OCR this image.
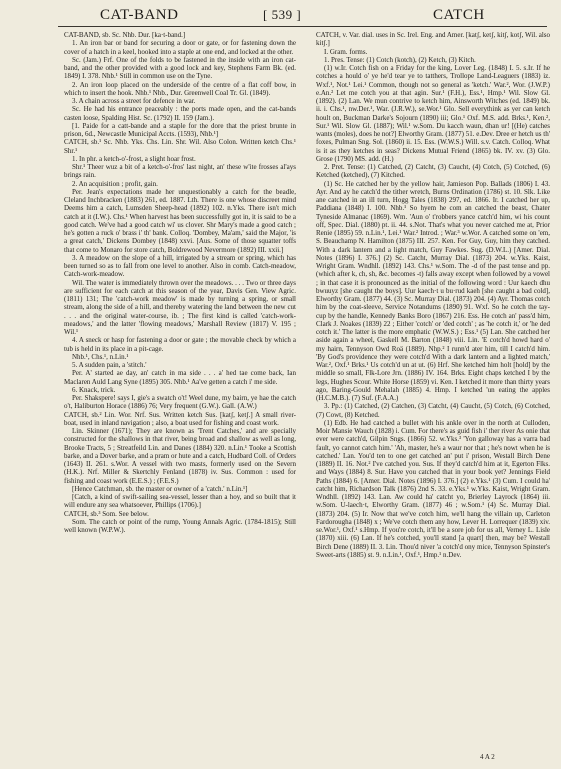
CAT-BAND	[ 539 ]	CATCH

CAT-BAND, sb. Sc. Nhb. Dur. [ka·t-band.]

1. An iron bar or band for securing a door or gate, or for fastening down the cover of a hatch in a keel, hooked into a staple at one end, and locked at the other.

Sc. (Jam.) Frf. One of the folds to be fastened in the inside with an iron cat-band, and the other provided with a good lock and key, Stephens Farm Bk. (ed. 1849) I. 378. Nhb.¹ Still in common use on the Tyne.

2. An iron loop placed on the underside of the centre of a flat coff bow, in which to insert the hook. Nhb.¹ Nhb., Dur. Greenwell Coal Tr. Gl. (1849).

3. A chain across a street for defence in war.

Sc. He had his entrance peaceably : the ports made open, and the cat-bands casten loose, Spalding Hist. Sc. (1792) II. 159 (Jam.).

[1. Paide for a catt-bande and a staple for the dore that the priest brunte in prison, 6d., Newcastle Municipal Accts. (1593), Nhb.¹]

CATCH, sb.¹ Sc. Nhb. Yks. Chs. Lin. Shr. Wil. Also Colon. Written ketch Chs.¹ Shr.¹

1. In phr. a ketch-o'-frost, a slight hoar frost.

Shr.¹ Theer wuz a bit of a ketch-o'-fros' last night, an' these w'ite frosses al'ays brings rain.

2. An acquisition ; profit, gain.

Per. Jean's expectations made her unquestionably a catch for the beadle, Cleland Inchbracken (1883) 261, ed. 1887. Lth. There is one whose discreet mind Deems him a catch, Lumsden Sheep-head (1892) 102. n.Yks. There isn't mich catch at it (I.W.). Chs.¹ When harvest has been successfully got in, it is said to be a good catch. We've had a good catch wi' us clover. Shr Mary's made a good catch ; he's gotten a ruck o' brass i' th' bank. Colloq. 'Dombey, Ma'am,' said the Major, 'is a great catch,' Dickens Dombey (1848) xxvi. [Aus. Some of those squatter toffs that come to Monaro for store catch, Boldrewood Nevermore (1892) III. xxii.]

3. A meadow on the slope of a hill, irrigated by a stream or spring, which has been turned so as to fall from one level to another. Also in comb. Catch-meadow, Catch-work-meadow.

Wil. The water is immediately thrown over the meadows. . . . Two or three days are sufficient for each catch at this season of the year, Davis Gen. View Agric. (1811) 131; The 'catch-work meadow' is made by turning a spring, or small stream, along the side of a hill, and thereby watering the land between the new cut . . . and the original water-course, ib. ; The first kind is called 'catch-work-meadows,' and the latter 'flowing meadows,' Marshall Review (1817) V. 195 ; Wil.¹

4. A sneck or hasp for fastening a door or gate ; the movable check by which a tub is held in its place in a pit-cage.

Nhb.¹, Chs.¹, n.Lin.¹

5. A sudden pain, a 'stitch.'

Per. A' started ae day, an' catch in ma side . . . a' hed tae come back, Ian Maclaren Auld Lang Syne (1895) 305. Nhb.¹ Aa've getten a catch i' me side.

6. Knack, trick.

Per. Shakspere! says I, gie's a swatch o't! Weel dune, my bairn, ye hae the catch o't, Haliburton Horace (1886) 76; Very frequent (G.W.). Gall. (A.W.)

CATCH, sb.² Lin. Wor. Nrf. Sus. Written ketch Sus. [katʃ, ketʃ.] A small river-boat, used in inland navigation ; also, a boat used for fishing and coast work.

Lin. Skinner (1671); They are known as 'Trent Catches,' and are specially constructed for the shallows in that river, being broad and shallow as well as long, Brooke Tracts, 5 ; Streatfeild Lin. and Danes (1884) 320. n.Lin.¹ Tooke a Scottish barke, and a Dover barke, and a pram or hute and a catch, Hudbard Coll. of Orders (1643) II. 261. s.Wor. A vessel with two masts, formerly used on the Severn (H.K.). Nrf. Miller & Skertchly Fenland (1878) iv. Sus. Common : used for fishing and coast work (E.E.S.) ; (F.E.S.)

[Hence Catchman, sb. the master or owner of a 'catch.' n.Lin.¹]

[Catch, a kind of swift-sailing sea-vessel, lesser than a hoy, and so built that it will endure any sea whatsoever, Phillips (1706).]

CATCH, sb.³ Som. See below.

Som. The catch or point of the rump, Young Annals Agric. (1784-1815); Still well known (W.P.W.).

CATCH, v. Var. dial. uses in Sc. Irel. Eng. and Amer. [katʃ, ketʃ, kitʃ, kotʃ, Wil. also kitʃ.]

I. Gram. forms.

1. Pres. Tense: (1) Cotch (kotch), (2) Ketch, (3) Kitch.

(1) w.Ir. Cotch fish on a Friday for the king, Lover Leg. (1848) I. 5. s.Ir. If he cotches a hould o' ye he'd tear ye to tatthers, Trollope Land-Leaguers (1883) iz. Wxf.¹, Not.¹ Lei.¹ Common, though not so general as 'ketch.' War.², Wor. (J.W.P.) e.An.² Let me cotch you at that agin. Sur.¹ (F.H.), Ess.¹, Hmp.¹ Wil. Slow Gl. (1892). (2) Lan. We mun contrive to ketch him, Ainsworth Witches (ed. 1849) bk. ii. i. Chs.¹, nw.Der.¹, War. (J.R.W.), se.Wor.¹ Glo. Sell everythink as yer can ketch hoult on, Buckman Darke's Sojourn (1890) iii; Glo.¹ Oxf. M.S. add. Brks.¹, Ken.², Sur.¹ Wil. Slow Gl. (1887); Wil.¹ w.Som. Du kacch waun, dhan ur! [(He) catches wants (moles), does he not?] Elworthy Gram. (1877) 51. e.Dev. Dree er hetch us th' foxes, Pulman Sng. Sol. (1860) ii. 15. Ess. (W.W.S.) Will. s.v. Catch. Colloq. What is it as they ketches in seas? Dickens Mutual Friend (1865) bk. IV. xv. (3) Glo. Grose (1790) MS. add. (H.)

2. Pret. Tense: (1) Catched, (2) Catcht, (3) Caucht, (4) Cotch, (5) Cotched, (6) Ketched (ketched), (7) Kitched.

(1) Sc. He catched her by the yellow hair, Jamieson Pop. Ballads (1806) I. 43. Ayr. And ay he catch'd the tither wretch, Burns Ordination (1786) st. 10. Slk. Like ane catched in an ill turn, Hogg Tales (1838) 297, ed. 1866. Ir. I catched her up, Paddiana (1848) I. 100. Nhb.¹ So hyem he com an catched the beast, Chater Tyneside Almanac (1869). Wm. 'Aun o' t'robbers yance catch'd him, wi his count off, Spec. Dial. (1880) pt. ii. 44. s.Not. That's what you never catched me at, Prior Renie (1895) 59. n.Lin.¹, Lei.¹ War.² Introd. ; War.³ w.Wor. A catched some on 'em, S. Beauchamp N. Hamilton (1875) III. 257. Ken. For Guy, Guy, him they catched. With a dark lantern and a light match, Guy Fawkes. Sug. (D.W.L.) [Amer. Dial. Notes (1896) I. 376.] (2) Sc. Catcht, Murray Dial. (1873) 204. w.Yks. Kaist, Wright Gram. Wndhll. (1892) 143. Chs.¹ w.Som. The -d of the past tense and pp. (which after k, ch, sh, &c. becomes -t) falls away except when followed by a vowel ; in that case it is pronounced as the initial of the following word : Uur kaech dhu bwuuyz [she caught the boys]. Uur kaech·t u bu·rud kaeh [she caught a bad cold], Elworthy Gram. (1877) 44. (3) Sc. Murray Dial. (1873) 204. (4) Ayr. Thomas cotch him by the coat-sleeve, Service Notandums (1890) 91. Wxf. So he cotch the tay-cup by the handle, Kennedy Banks Boro (1867) 216. Ess. He cotch an' pass'd him, Clark J. Noakes (1839) 22 ; Either 'cotch' or 'ded cotch' ; as 'he cotch it,' or 'he ded cotch it.' The latter is the more emphatic (W.W.S.) ; Ess.¹ (5) Lan. She catched her aside again a wheel, Gaskell M. Barton (1848) viii. Lin. 'E cotch'd howd hard o' my hairn, Tennyson Owd Roä (1889). Nhp.² I runn'd ater him, till I catch'd him. 'By God's providence they were cotch'd With a dark lantern and a lighted match,' War.², Oxf.¹ Brks.¹ Us cotch'd un at ut. (6) Hrf. She ketched him holt [hold] by the middle so small, Flk-Lore Jrn. (1886) IV. 164. Brks. Eight chaps ketched I by the legs, Hughes Scour. White Horse (1859) vi. Ken. I ketched it more than thirty years ago, Baring-Gould Mehalah (1885) 4. Hmp. I ketched 'un eating the apples (H.C.M.B.). (7) Suf. (F.A.A.)

3. Pp.: (1) Catched, (2) Catchen, (3) Catcht, (4) Caucht, (5) Cotch, (6) Cotched, (7) Cowt, (8) Ketched.

(1) Edb. He had catched a bullet with his ankle over in the north at Culloden, Moir Mansie Wauch (1828) i. Cum. For there's as guid fish i' ther river As onie that ever were catch'd, Gilpin Sngs. (1866) 52. w.Yks.³ 'Yon galloway has a varra bad fault, yo cannot catch him.' 'Ah, master, he's a waur nor that ; he's nowt when he is catched.' Lan. You'd ten to one get catched an' put i' prison, Westall Birch Dene (1889) II. 16. Not.² I've catched you. Sus. If they'd catch'd him at it, Egerton Flks. and Ways (1884) 8. Sur. Have you catched that in your book yet? Jennings Field Paths (1884) 6. [Amer. Dial. Notes (1896) I. 376.] (2) e.Yks.¹ (3) Cum. I could ha' catcht him, Richardson Talk (1876) 2nd S. 33. e.Yks.¹ w.Yks. Kaist, Wright Gram. Wndhll. (1892) 143. Lan. Aw could ha' catcht yo, Brierley Layrock (1864) iii. w.Som. U-laech·t, Elworthy Gram. (1877) 46 ; w.Som.¹ (4) Sc. Murray Dial. (1873) 204. (5) Ir. Now that we've cotch him, we'll hang the villain up, Carleton Fardorougha (1848) x ; We've cotch them any how, Lever H. Lorrequer (1839) xiv. se.Wor.¹, Oxf.¹ s.Hmp. If you're cotch, it'll be a sore job for us all, Verney L. Lisle (1870) xiii. (6) Lan. If he's cotched, you'll stand [a quart] then, may be? Westall Birch Dene (1889) II. 3. Lin. Thou'd niver 'a cotch'd ony mice, Tennyson Spinster's Sweet-arts (1885) st. 9. n.Lin.¹, Oxf.¹, Hmp.¹ n.Dev.

4 A 2
